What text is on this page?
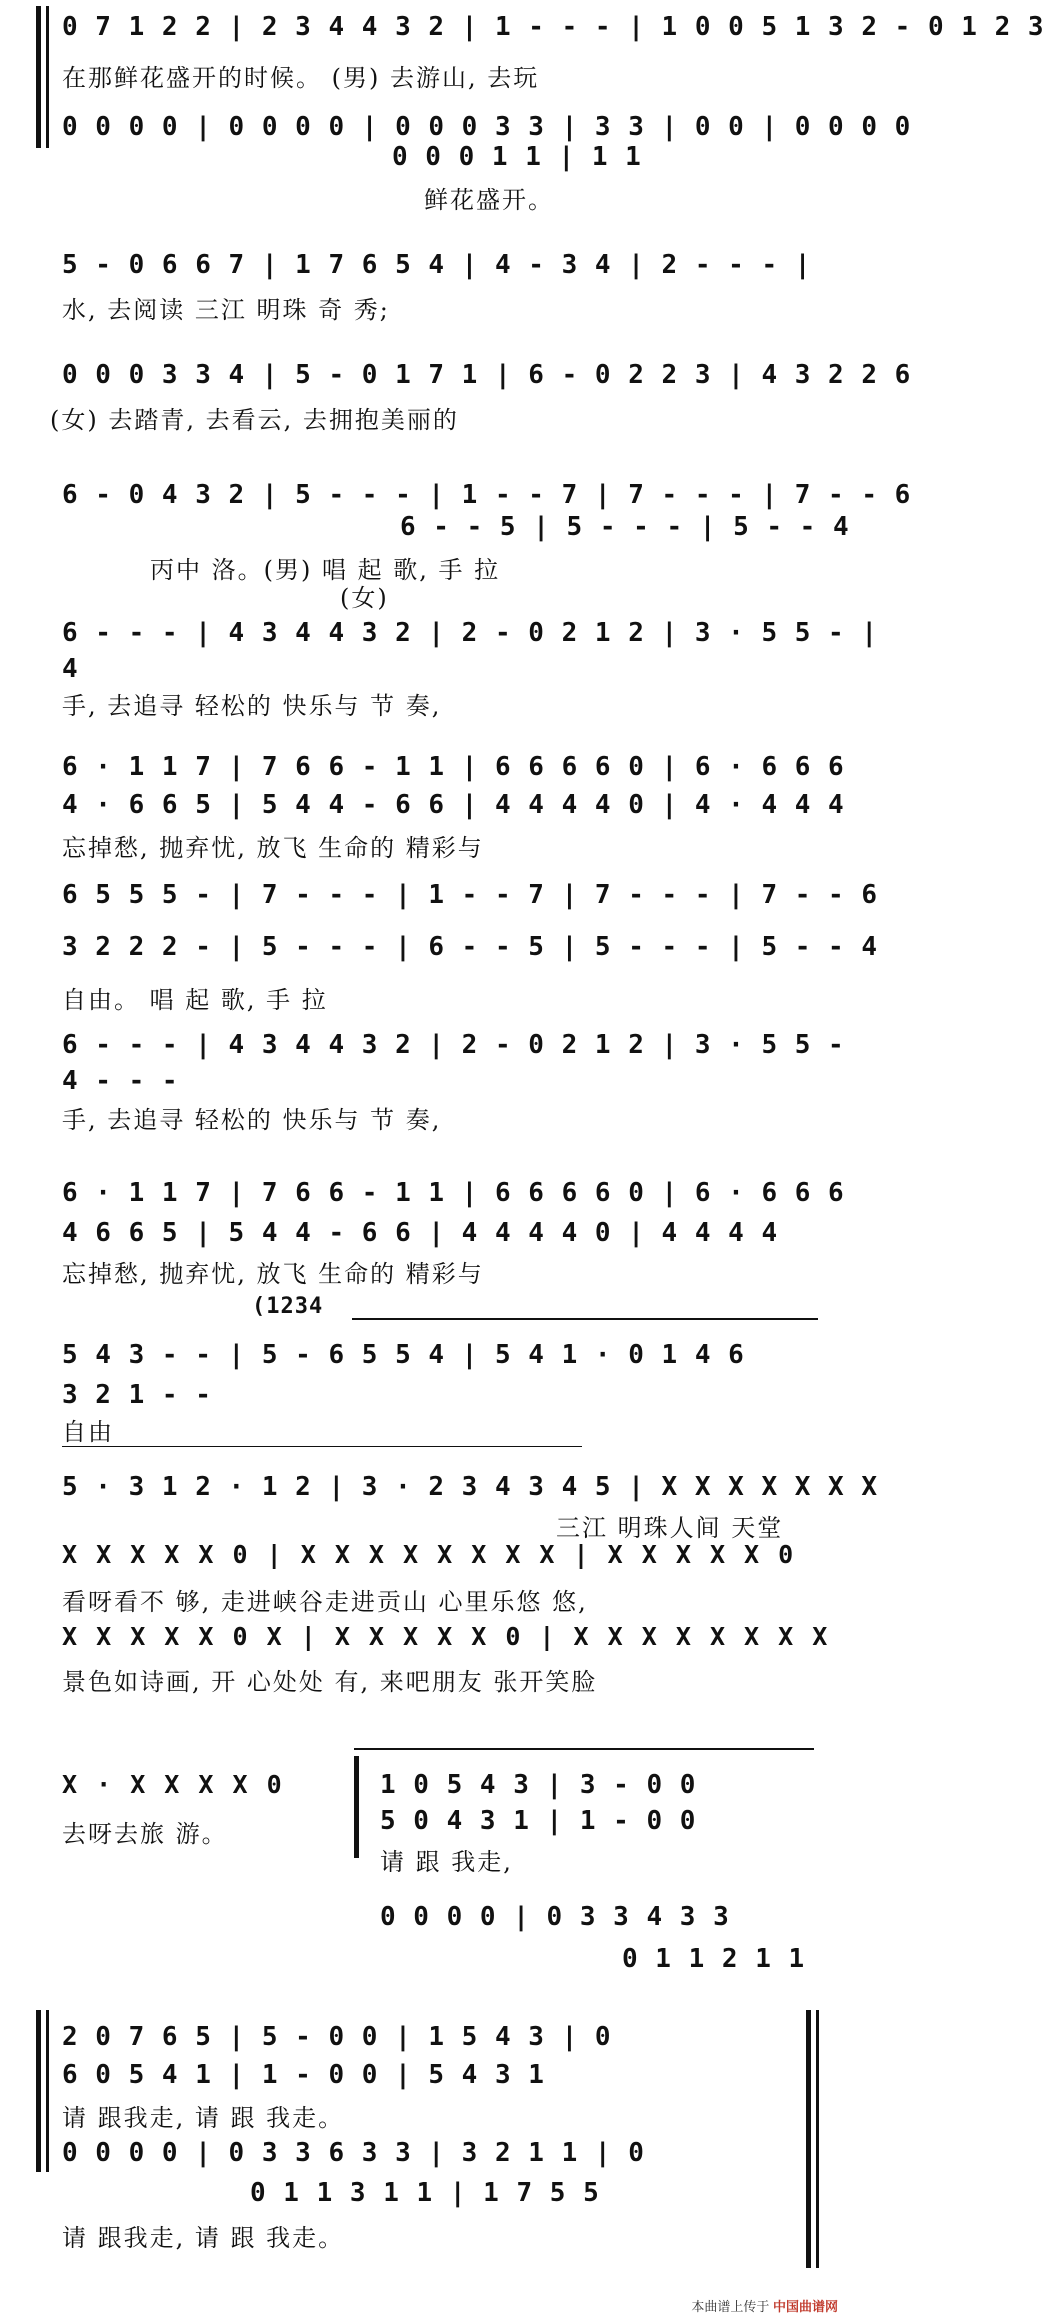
0 7 1 2 2 | 2 3 4 4 3 2 | 1 - - - | 1 0 0 5 1 3 2 - 0 1 2 3
在那鲜花盛开的时候。 (男) 去游山, 去玩
0 0 0 0 | 0 0 0 0 | 0 0 0 3 3 | 3 3 | 0 0 | 0 0 0 0
0 0 0 1 1 | 1 1
鲜花盛开。
5 - 0 6 6 7 | 1 7 6 5 4 | 4 - 3 4 | 2 - - - |
水, 去阅读 三江 明珠 奇 秀;
0 0 0 3 3 4 | 5 - 0 1 7 1 | 6 - 0 2 2 3 | 4 3 2 2 6
(女) 去踏青, 去看云, 去拥抱美丽的
6 - 0 4 3 2 | 5 - - - | 1 - - 7 | 7 - - - | 7 - - 6
6 - - 5 | 5 - - - | 5 - - 4
丙中 洛。(男) 唱 起 歌, 手 拉
(女)
6 - - - | 4 3 4 4 3 2 | 2 - 0 2 1 2 | 3 · 5 5 - |
4
手, 去追寻 轻松的 快乐与 节 奏,
6 · 1 1 7 | 7 6 6 - 1 1 | 6 6 6 6 0 | 6 · 6 6 6
4 · 6 6 5 | 5 4 4 - 6 6 | 4 4 4 4 0 | 4 · 4 4 4
忘掉愁, 抛弃忧, 放飞 生命的 精彩与
6 5 5 5 - | 7 - - - | 1 - - 7 | 7 - - - | 7 - - 6
3 2 2 2 - | 5 - - - | 6 - - 5 | 5 - - - | 5 - - 4
自由。 唱 起 歌, 手 拉
6 - - - | 4 3 4 4 3 2 | 2 - 0 2 1 2 | 3 · 5 5 -
4 - - -
手, 去追寻 轻松的 快乐与 节 奏,
6 · 1 1 7 | 7 6 6 - 1 1 | 6 6 6 6 0 | 6 · 6 6 6
4 6 6 5 | 5 4 4 - 6 6 | 4 4 4 4 0 | 4 4 4 4
忘掉愁, 抛弃忧, 放飞 生命的 精彩与
(1234
5 4 3 - - | 5 - 6 5 5 4 | 5 4 1 · 0 1 4 6
3 2 1 - -
自由
5 · 3 1 2 · 1 2 | 3 · 2 3 4 3 4 5 | X X X X X X X
三江 明珠人间 天堂
X X X X X 0 | X X X X X X X X | X X X X X 0
看呀看不 够, 走进峡谷走进贡山 心里乐悠 悠,
X X X X X 0 X | X X X X X 0 | X X X X X X X X
景色如诗画, 开 心处处 有, 来吧朋友 张开笑脸
X · X X X X 0
去呀去旅 游。
1 0 5 4 3 | 3 - 0 0
5 0 4 3 1 | 1 - 0 0
请 跟 我走,
0 0 0 0 | 0 3 3 4 3 3
0 1 1 2 1 1
2 0 7 6 5 | 5 - 0 0 | 1 5 4 3 | 0
6 0 5 4 1 | 1 - 0 0 | 5 4 3 1
请 跟我走, 请 跟 我走。
0 0 0 0 | 0 3 3 6 3 3 | 3 2 1 1 | 0
0 1 1 3 1 1 | 1 7 5 5
请 跟我走, 请 跟 我走。
本曲谱上传于 中国曲谱网
